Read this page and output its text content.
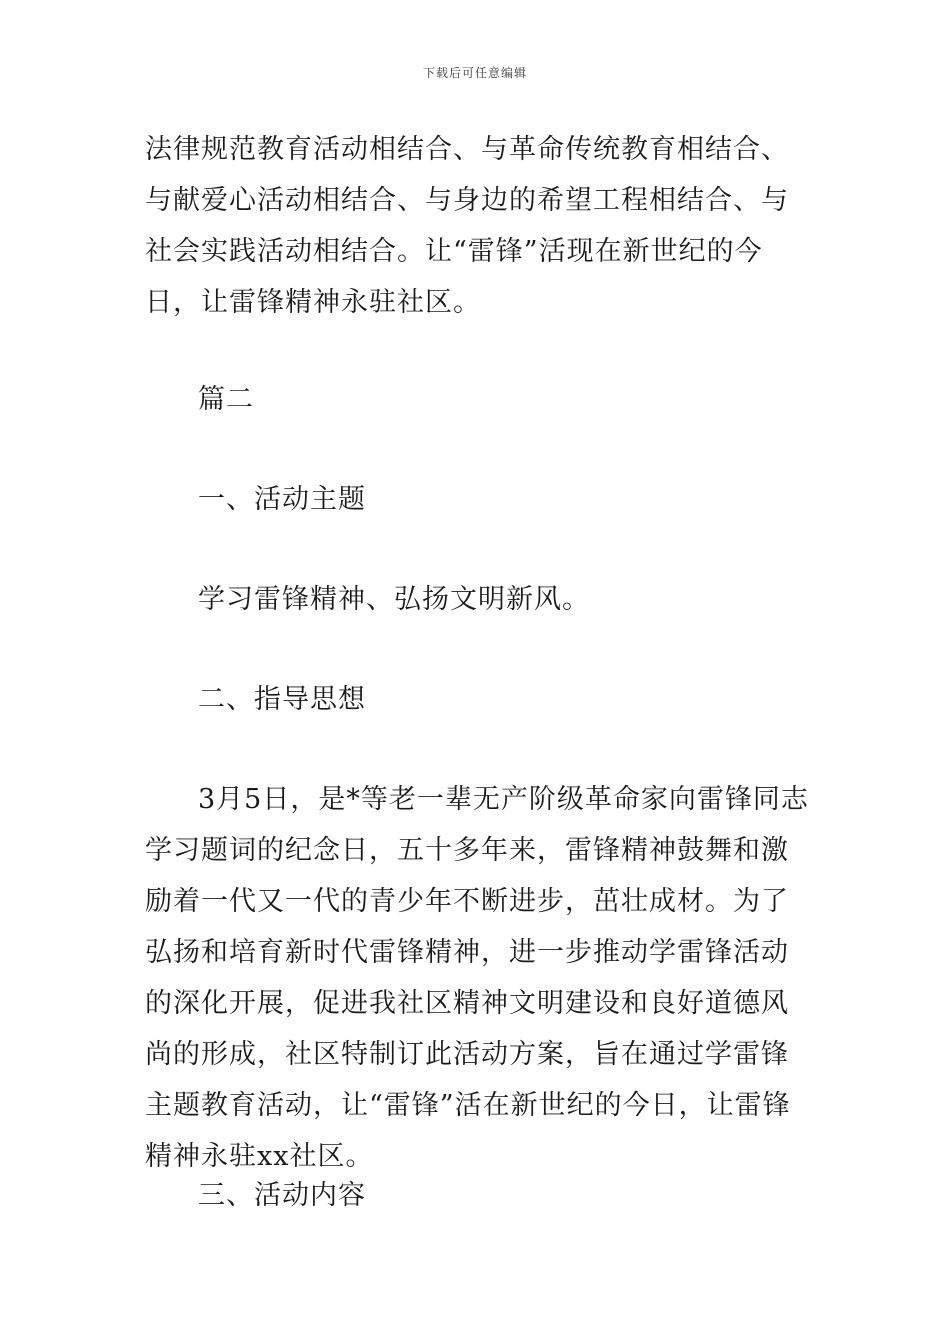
下载后可任意编辑

法律规范教育活动相结合、与革命传统教育相结合、与献爱心活动相结合、与身边的希望工程相结合、与社会实践活动相结合。让“雷锋”活现在新世纪的今日，让雷锋精神永驻社区。

篇二

一、活动主题

学习雷锋精神、弘扬文明新风。

二、指导思想

3月5日，是*等老一辈无产阶级革命家向雷锋同志学习题词的纪念日，五十多年来，雷锋精神鼓舞和激励着一代又一代的青少年不断进步，茁壮成材。为了弘扬和培育新时代雷锋精神，进一步推动学雷锋活动的深化开展，促进我社区精神文明建设和良好道德风尚的形成，社区特制订此活动方案，旨在通过学雷锋主题教育活动，让“雷锋”活在新世纪的今日，让雷锋精神永驻xx社区。

三、活动内容
